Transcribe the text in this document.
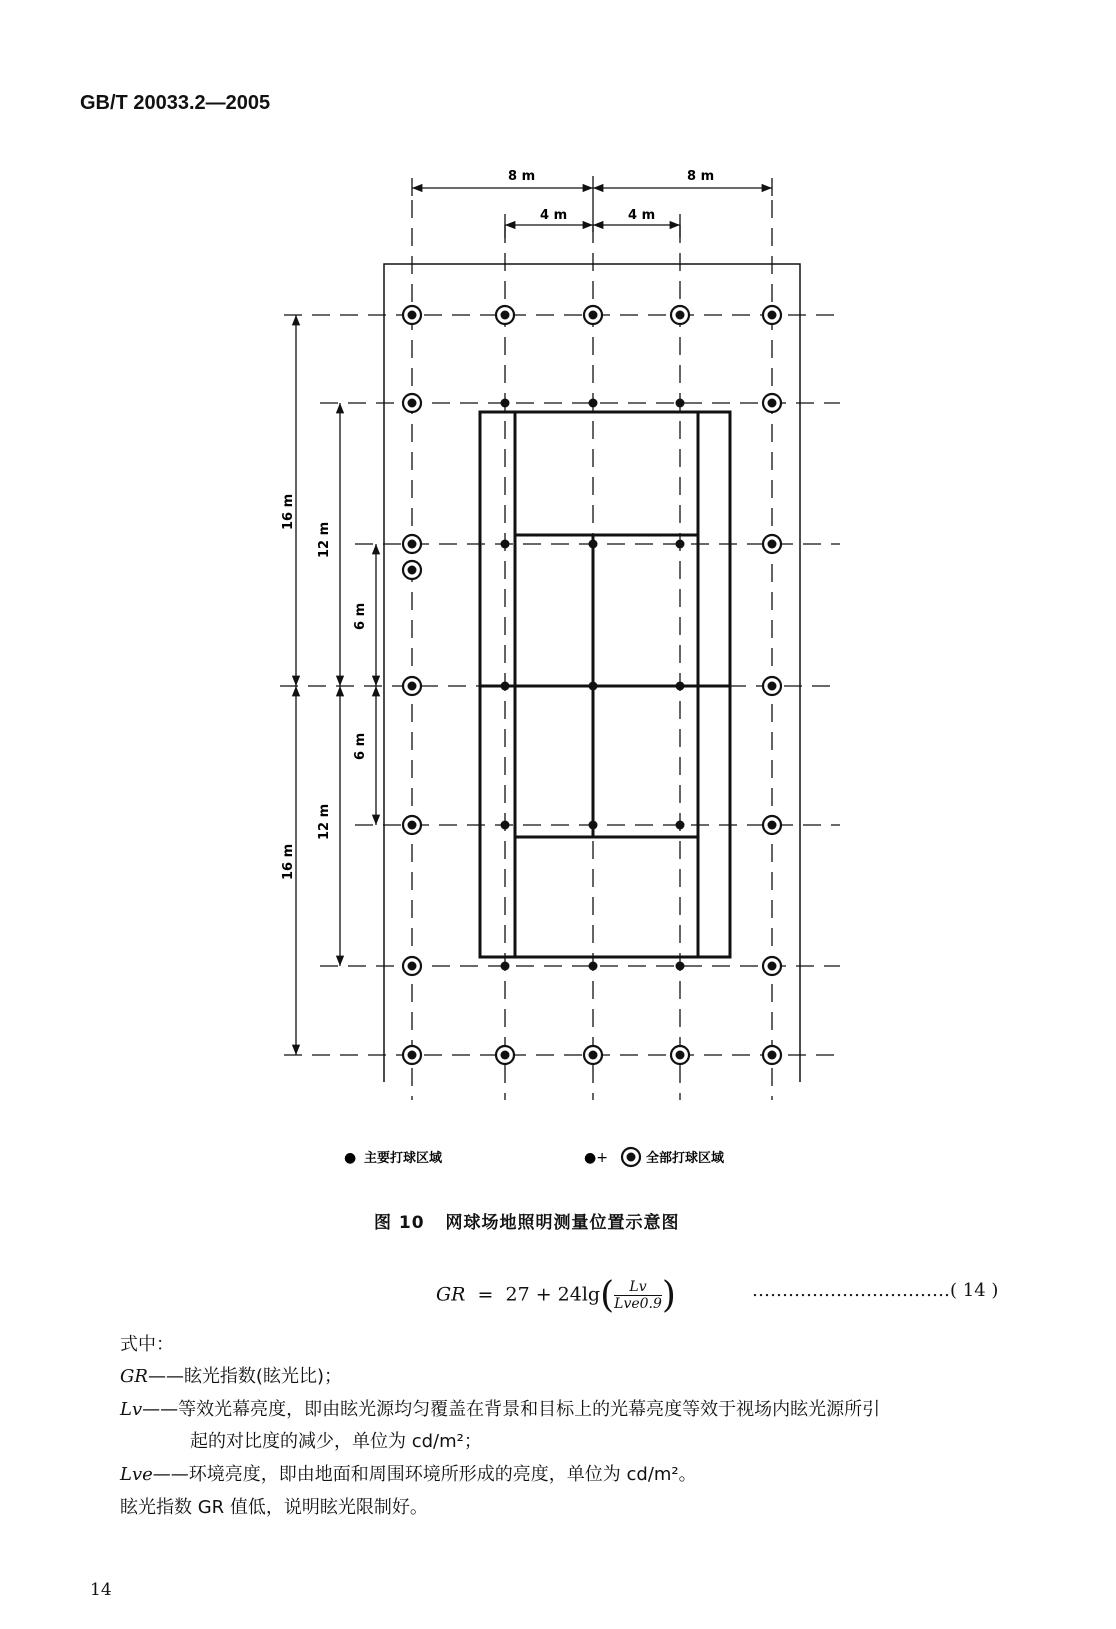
GB/T 20033.2—2005
8 m	8 m
4 m	4 m
16 m
12 m
6 m
6 m
12 m
16 m
● 主要打球区域	●+	全部打球区域
图 10 网球场地照明测量位置示意图
GR = $27 + 24\lg( \frac{Lv}{\text{Lve0.9}}$ )	……………………………( 14 )
式中：
GR——眩光指数(眩光比)；
Lv——等效光幕亮度，即由眩光源均匀覆盖在背景和目标上的光幕亮度等效于视场内眩光源所引
起的对比度的减少，单位为 cd/m²；
Lve——环境亮度，即由地面和周围环境所形成的亮度，单位为 cd/m²。
眩光指数 GR 值低，说明眩光限制好。
14
